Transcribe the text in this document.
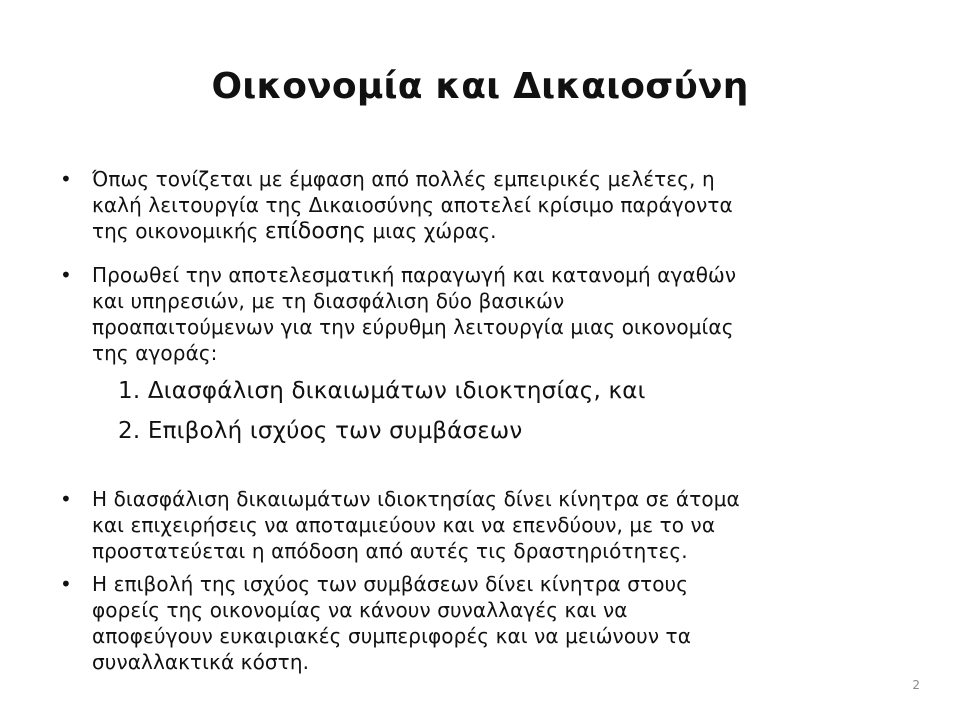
Οικονομία και Δικαιοσύνη
• Όπως τονίζεται με έμφαση από πολλές εμπειρικές μελέτες, η καλή λειτουργία της Δικαιοσύνης αποτελεί κρίσιμο παράγοντα της οικονομικής επίδοσης μιας χώρας.
• Προωθεί την αποτελεσματική παραγωγή και κατανομή αγαθών και υπηρεσιών, με τη διασφάλιση δύο βασικών προαπαιτούμενων για την εύρυθμη λειτουργία μιας οικονομίας της αγοράς:
1. Διασφάλιση δικαιωμάτων ιδιοκτησίας, και
2. Επιβολή ισχύος των συμβάσεων
• Η διασφάλιση δικαιωμάτων ιδιοκτησίας δίνει κίνητρα σε άτομα και επιχειρήσεις να αποταμιεύουν και να επενδύουν, με το να προστατεύεται η απόδοση από αυτές τις δραστηριότητες.
• Η επιβολή της ισχύος των συμβάσεων δίνει κίνητρα στους φορείς της οικονομίας να κάνουν συναλλαγές και να αποφεύγουν ευκαιριακές συμπεριφορές και να μειώνουν τα συναλλακτικά κόστη.
2
